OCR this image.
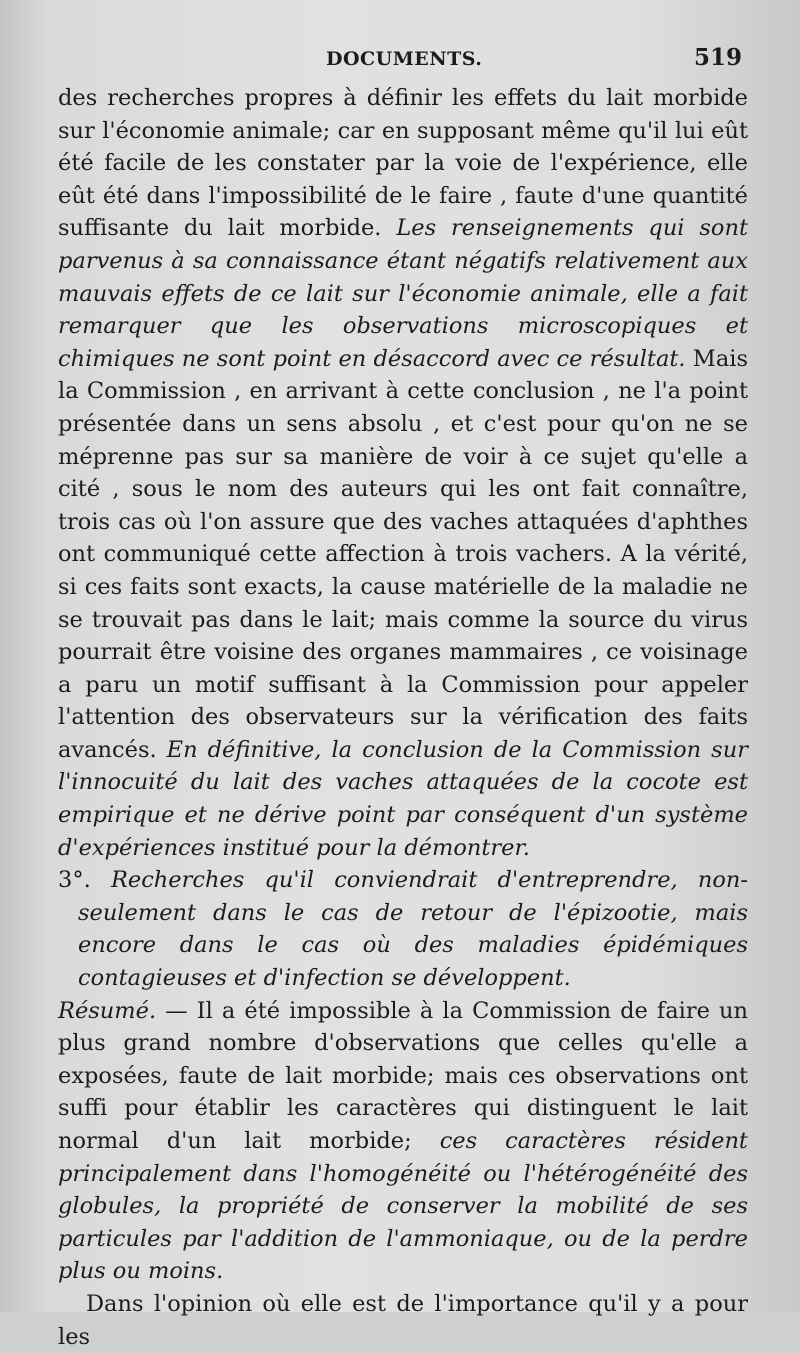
DOCUMENTS.	519

des recherches propres à définir les effets du lait morbide sur l'économie animale; car en supposant même qu'il lui eût été facile de les constater par la voie de l'expérience, elle eût été dans l'impossibilité de le faire , faute d'une quantité suffisante du lait morbide. Les renseignements qui sont parvenus à sa connaissance étant négatifs relativement aux mauvais effets de ce lait sur l'économie animale, elle a fait remarquer que les observations microscopiques et chimiques ne sont point en désaccord avec ce résultat. Mais la Commission , en arrivant à cette conclusion , ne l'a point présentée dans un sens absolu , et c'est pour qu'on ne se méprenne pas sur sa manière de voir à ce sujet qu'elle a cité , sous le nom des auteurs qui les ont fait connaître, trois cas où l'on assure que des vaches attaquées d'aphthes ont communiqué cette affection à trois vachers. A la vérité, si ces faits sont exacts, la cause matérielle de la maladie ne se trouvait pas dans le lait; mais comme la source du virus pourrait être voisine des organes mammaires , ce voisinage a paru un motif suffisant à la Commission pour appeler l'attention des observateurs sur la vérification des faits avancés. En définitive, la conclusion de la Commission sur l'innocuité du lait des vaches attaquées de la cocote est empirique et ne dérive point par conséquent d'un système d'expériences institué pour la démontrer.

3°. Recherches qu'il conviendrait d'entreprendre, non-seulement dans le cas de retour de l'épizootie, mais encore dans le cas où des maladies épidémiques contagieuses et d'infection se développent.

Résumé. — Il a été impossible à la Commission de faire un plus grand nombre d'observations que celles qu'elle a exposées, faute de lait morbide; mais ces observations ont suffi pour établir les caractères qui distinguent le lait normal d'un lait morbide; ces caractères résident principalement dans l'homogénéité ou l'hétérogénéité des globules, la propriété de conserver la mobilité de ses particules par l'addition de l'ammoniaque, ou de la perdre plus ou moins.

Dans l'opinion où elle est de l'importance qu'il y a pour les
